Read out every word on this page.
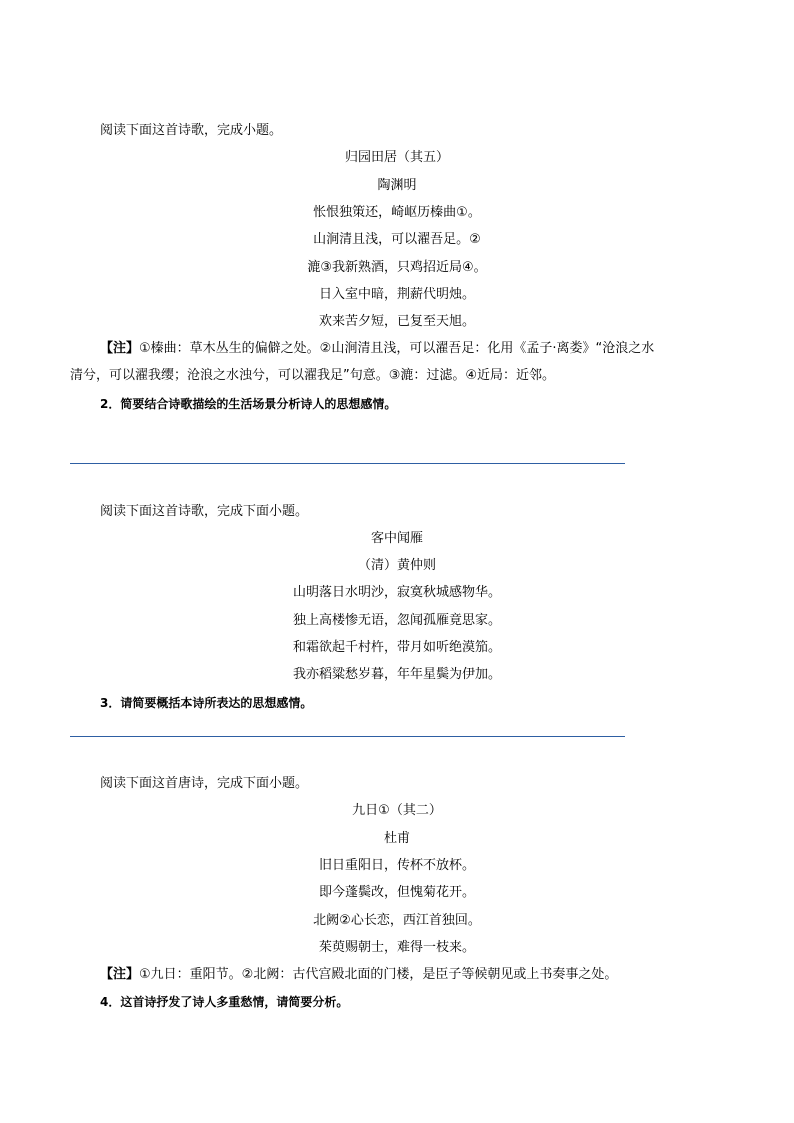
阅读下面这首诗歌，完成小题。
归园田居（其五）
陶渊明
怅恨独策还，崎岖历榛曲①。
山涧清且浅，可以濯吾足。②
漉③我新熟酒，只鸡招近局④。
日入室中暗，荆薪代明烛。
欢来苦夕短，已复至天旭。
【注】①榛曲：草木丛生的偏僻之处。②山涧清且浅，可以濯吾足：化用《孟子·离娄》“沧浪之水
清兮，可以濯我缨；沧浪之水浊兮，可以濯我足”句意。③漉：过滤。④近局：近邻。
2．简要结合诗歌描绘的生活场景分析诗人的思想感情。
阅读下面这首诗歌，完成下面小题。
客中闻雁
（清）黄仲则
山明落日水明沙，寂寞秋城感物华。
独上高楼惨无语，忽闻孤雁竟思家。
和霜欲起千村杵，带月如听绝漠笳。
我亦稻粱愁岁暮，年年星鬓为伊加。
3．请简要概括本诗所表达的思想感情。
阅读下面这首唐诗，完成下面小题。
九日①（其二）
杜甫
旧日重阳日，传杯不放杯。
即今蓬鬓改，但愧菊花开。
北阙②心长恋，西江首独回。
茱萸赐朝士，难得一枝来。
【注】①九日：重阳节。②北阙：古代宫殿北面的门楼，是臣子等候朝见或上书奏事之处。
4．这首诗抒发了诗人多重愁情，请简要分析。
